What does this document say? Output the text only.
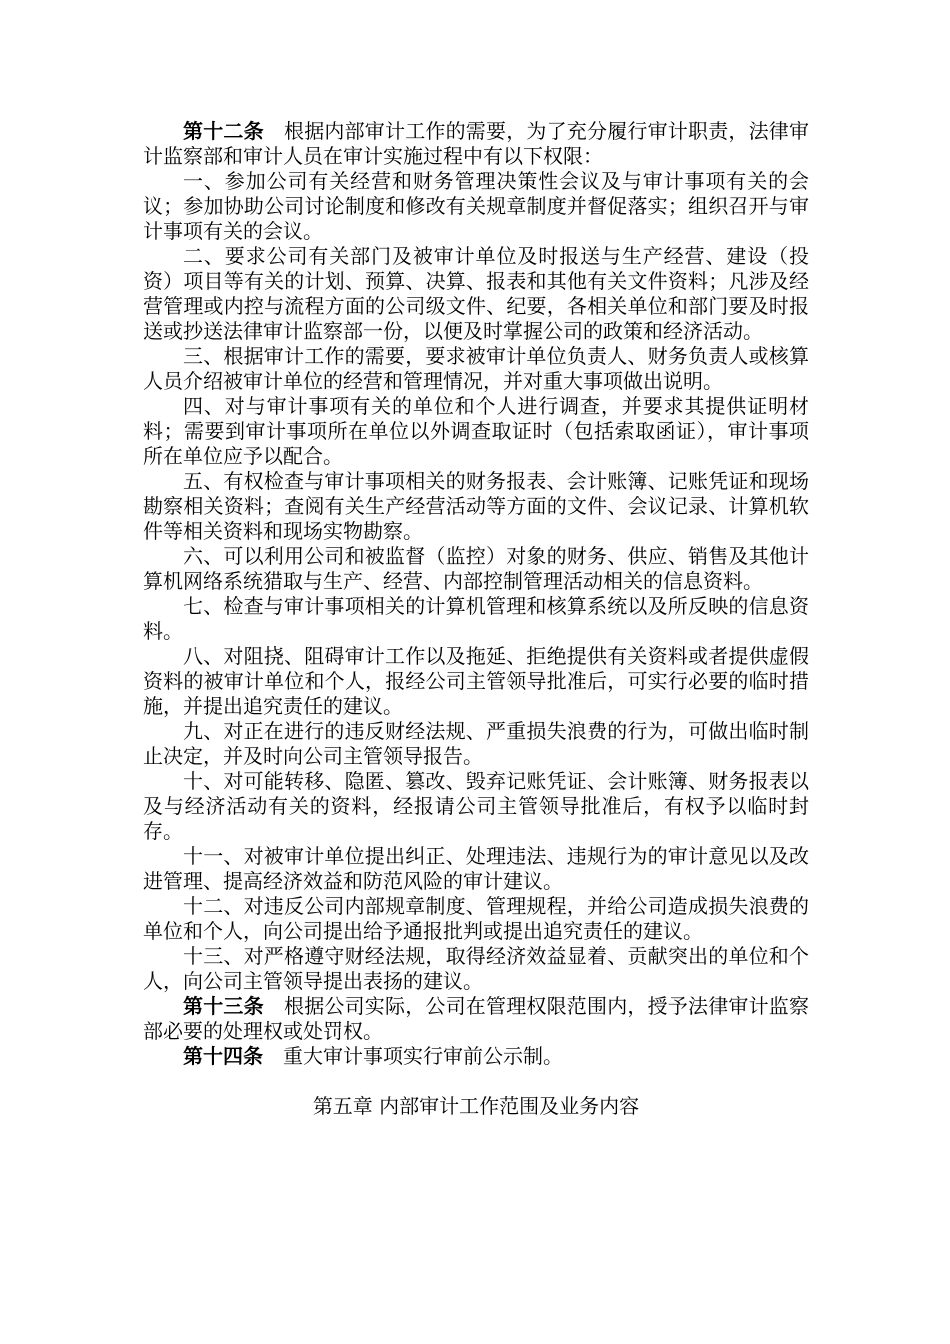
第十二条  根据内部审计工作的需要，为了充分履行审计职责，法律审计监察部和审计人员在审计实施过程中有以下权限：

一、参加公司有关经营和财务管理决策性会议及与审计事项有关的会议；参加协助公司讨论制度和修改有关规章制度并督促落实；组织召开与审计事项有关的会议。

二、要求公司有关部门及被审计单位及时报送与生产经营、建设（投资）项目等有关的计划、预算、决算、报表和其他有关文件资料；凡涉及经营管理或内控与流程方面的公司级文件、纪要，各相关单位和部门要及时报送或抄送法律审计监察部一份，以便及时掌握公司的政策和经济活动。

三、根据审计工作的需要，要求被审计单位负责人、财务负责人或核算人员介绍被审计单位的经营和管理情况，并对重大事项做出说明。

四、对与审计事项有关的单位和个人进行调查，并要求其提供证明材料；需要到审计事项所在单位以外调查取证时（包括索取函证），审计事项所在单位应予以配合。

五、有权检查与审计事项相关的财务报表、会计账簿、记账凭证和现场勘察相关资料；查阅有关生产经营活动等方面的文件、会议记录、计算机软件等相关资料和现场实物勘察。

六、可以利用公司和被监督（监控）对象的财务、供应、销售及其他计算机网络系统猎取与生产、经营、内部控制管理活动相关的信息资料。

七、检查与审计事项相关的计算机管理和核算系统以及所反映的信息资料。

八、对阻挠、阻碍审计工作以及拖延、拒绝提供有关资料或者提供虚假资料的被审计单位和个人，报经公司主管领导批准后，可实行必要的临时措施，并提出追究责任的建议。

九、对正在进行的违反财经法规、严重损失浪费的行为，可做出临时制止决定，并及时向公司主管领导报告。

十、对可能转移、隐匿、篡改、毁弃记账凭证、会计账簿、财务报表以及与经济活动有关的资料，经报请公司主管领导批准后，有权予以临时封存。

十一、对被审计单位提出纠正、处理违法、违规行为的审计意见以及改进管理、提高经济效益和防范风险的审计建议。

十二、对违反公司内部规章制度、管理规程，并给公司造成损失浪费的单位和个人，向公司提出给予通报批判或提出追究责任的建议。

十三、对严格遵守财经法规，取得经济效益显着、贡献突出的单位和个人，向公司主管领导提出表扬的建议。

第十三条  根据公司实际，公司在管理权限范围内，授予法律审计监察部必要的处理权或处罚权。

第十四条  重大审计事项实行审前公示制。

第五章 内部审计工作范围及业务内容
